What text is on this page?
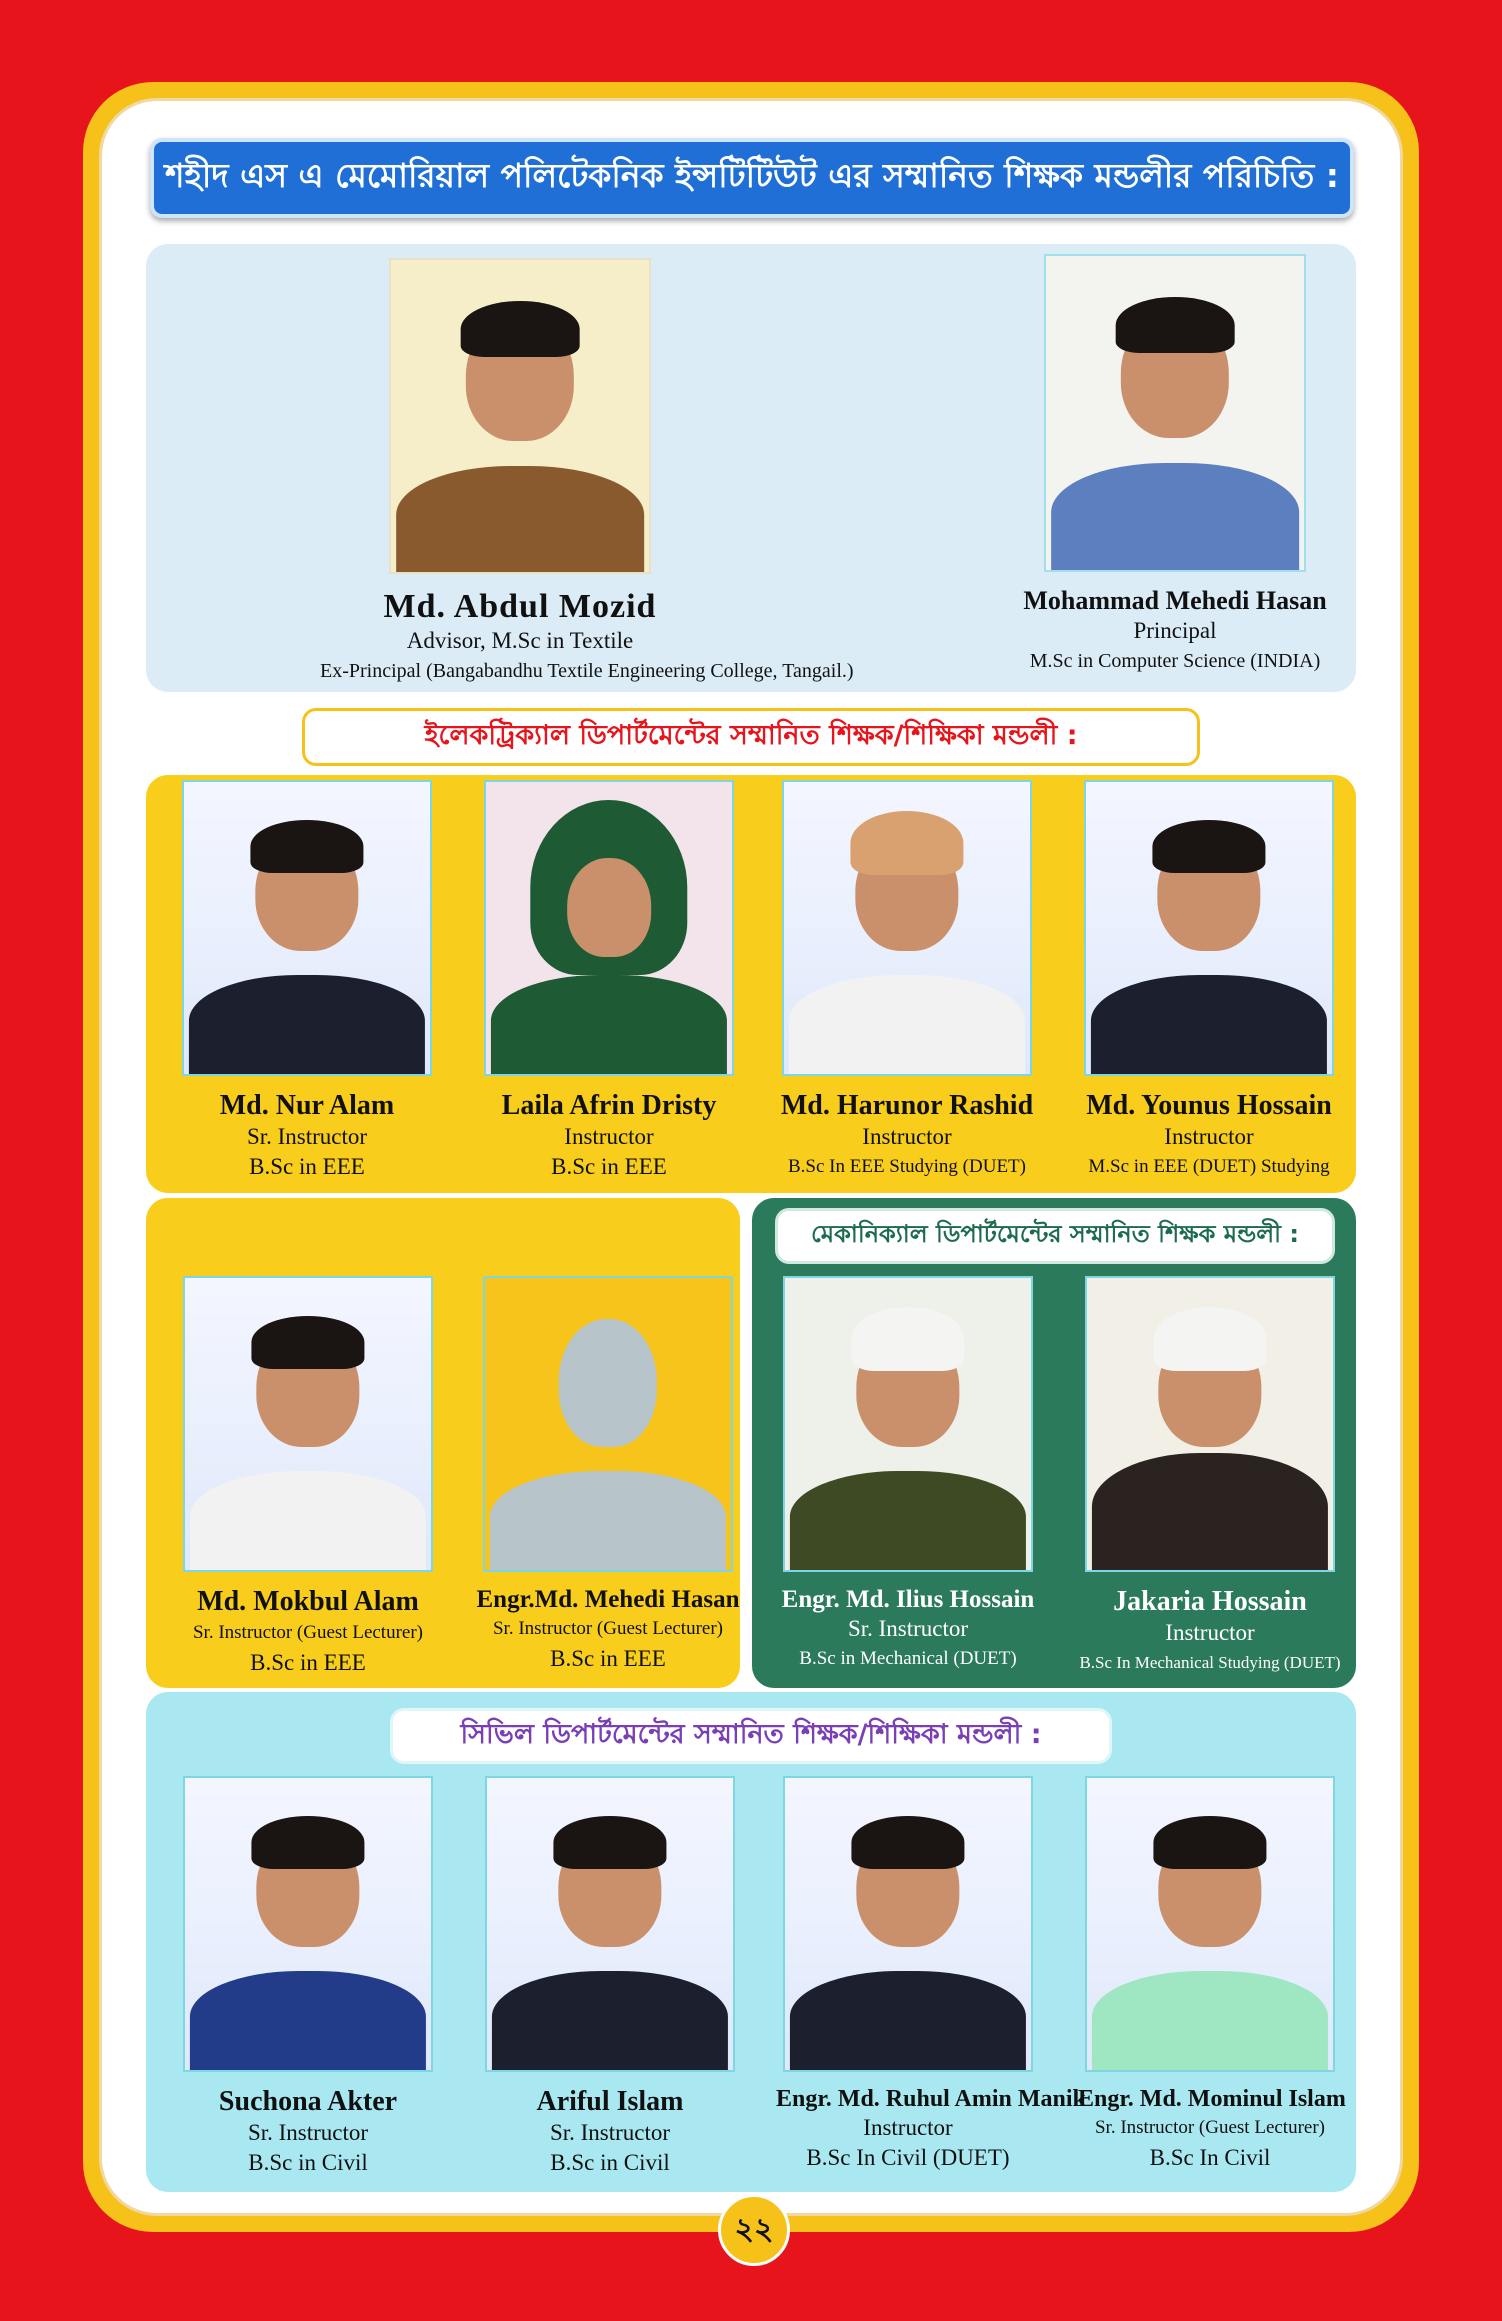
শহীদ এস এ মেমোরিয়াল পলিটেকনিক ইন্সটিটিউট এর সম্মানিত শিক্ষক মন্ডলীর পরিচিতি :
Md. Abdul Mozid
Advisor, M.Sc in Textile
Ex-Principal (Bangabandhu Textile Engineering College, Tangail.)
Mohammad Mehedi Hasan
Principal
M.Sc in Computer Science (INDIA)
ইলেকট্রিক্যাল ডিপার্টমেন্টের সম্মানিত শিক্ষক/শিক্ষিকা মন্ডলী :
Md. Nur Alam
Sr. Instructor
B.Sc in EEE
Laila Afrin Dristy
Instructor
B.Sc in EEE
Md. Harunor Rashid
Instructor
B.Sc In EEE Studying (DUET)
Md. Younus Hossain
Instructor
M.Sc in EEE (DUET) Studying
Md. Mokbul Alam
Sr. Instructor (Guest Lecturer)
B.Sc in EEE
Engr.Md. Mehedi Hasan
Sr. Instructor (Guest Lecturer)
B.Sc in EEE
মেকানিক্যাল ডিপার্টমেন্টের সম্মানিত শিক্ষক মন্ডলী :
Engr. Md. Ilius Hossain
Sr. Instructor
B.Sc in Mechanical (DUET)
Jakaria Hossain
Instructor
B.Sc In Mechanical Studying (DUET)
সিভিল ডিপার্টমেন্টের সম্মানিত শিক্ষক/শিক্ষিকা মন্ডলী :
Suchona Akter
Sr. Instructor
B.Sc in Civil
Ariful Islam
Sr. Instructor
B.Sc in Civil
Engr. Md. Ruhul Amin Manik
Instructor
B.Sc In Civil (DUET)
Engr. Md. Mominul Islam
Sr. Instructor (Guest Lecturer)
B.Sc In Civil
২২
